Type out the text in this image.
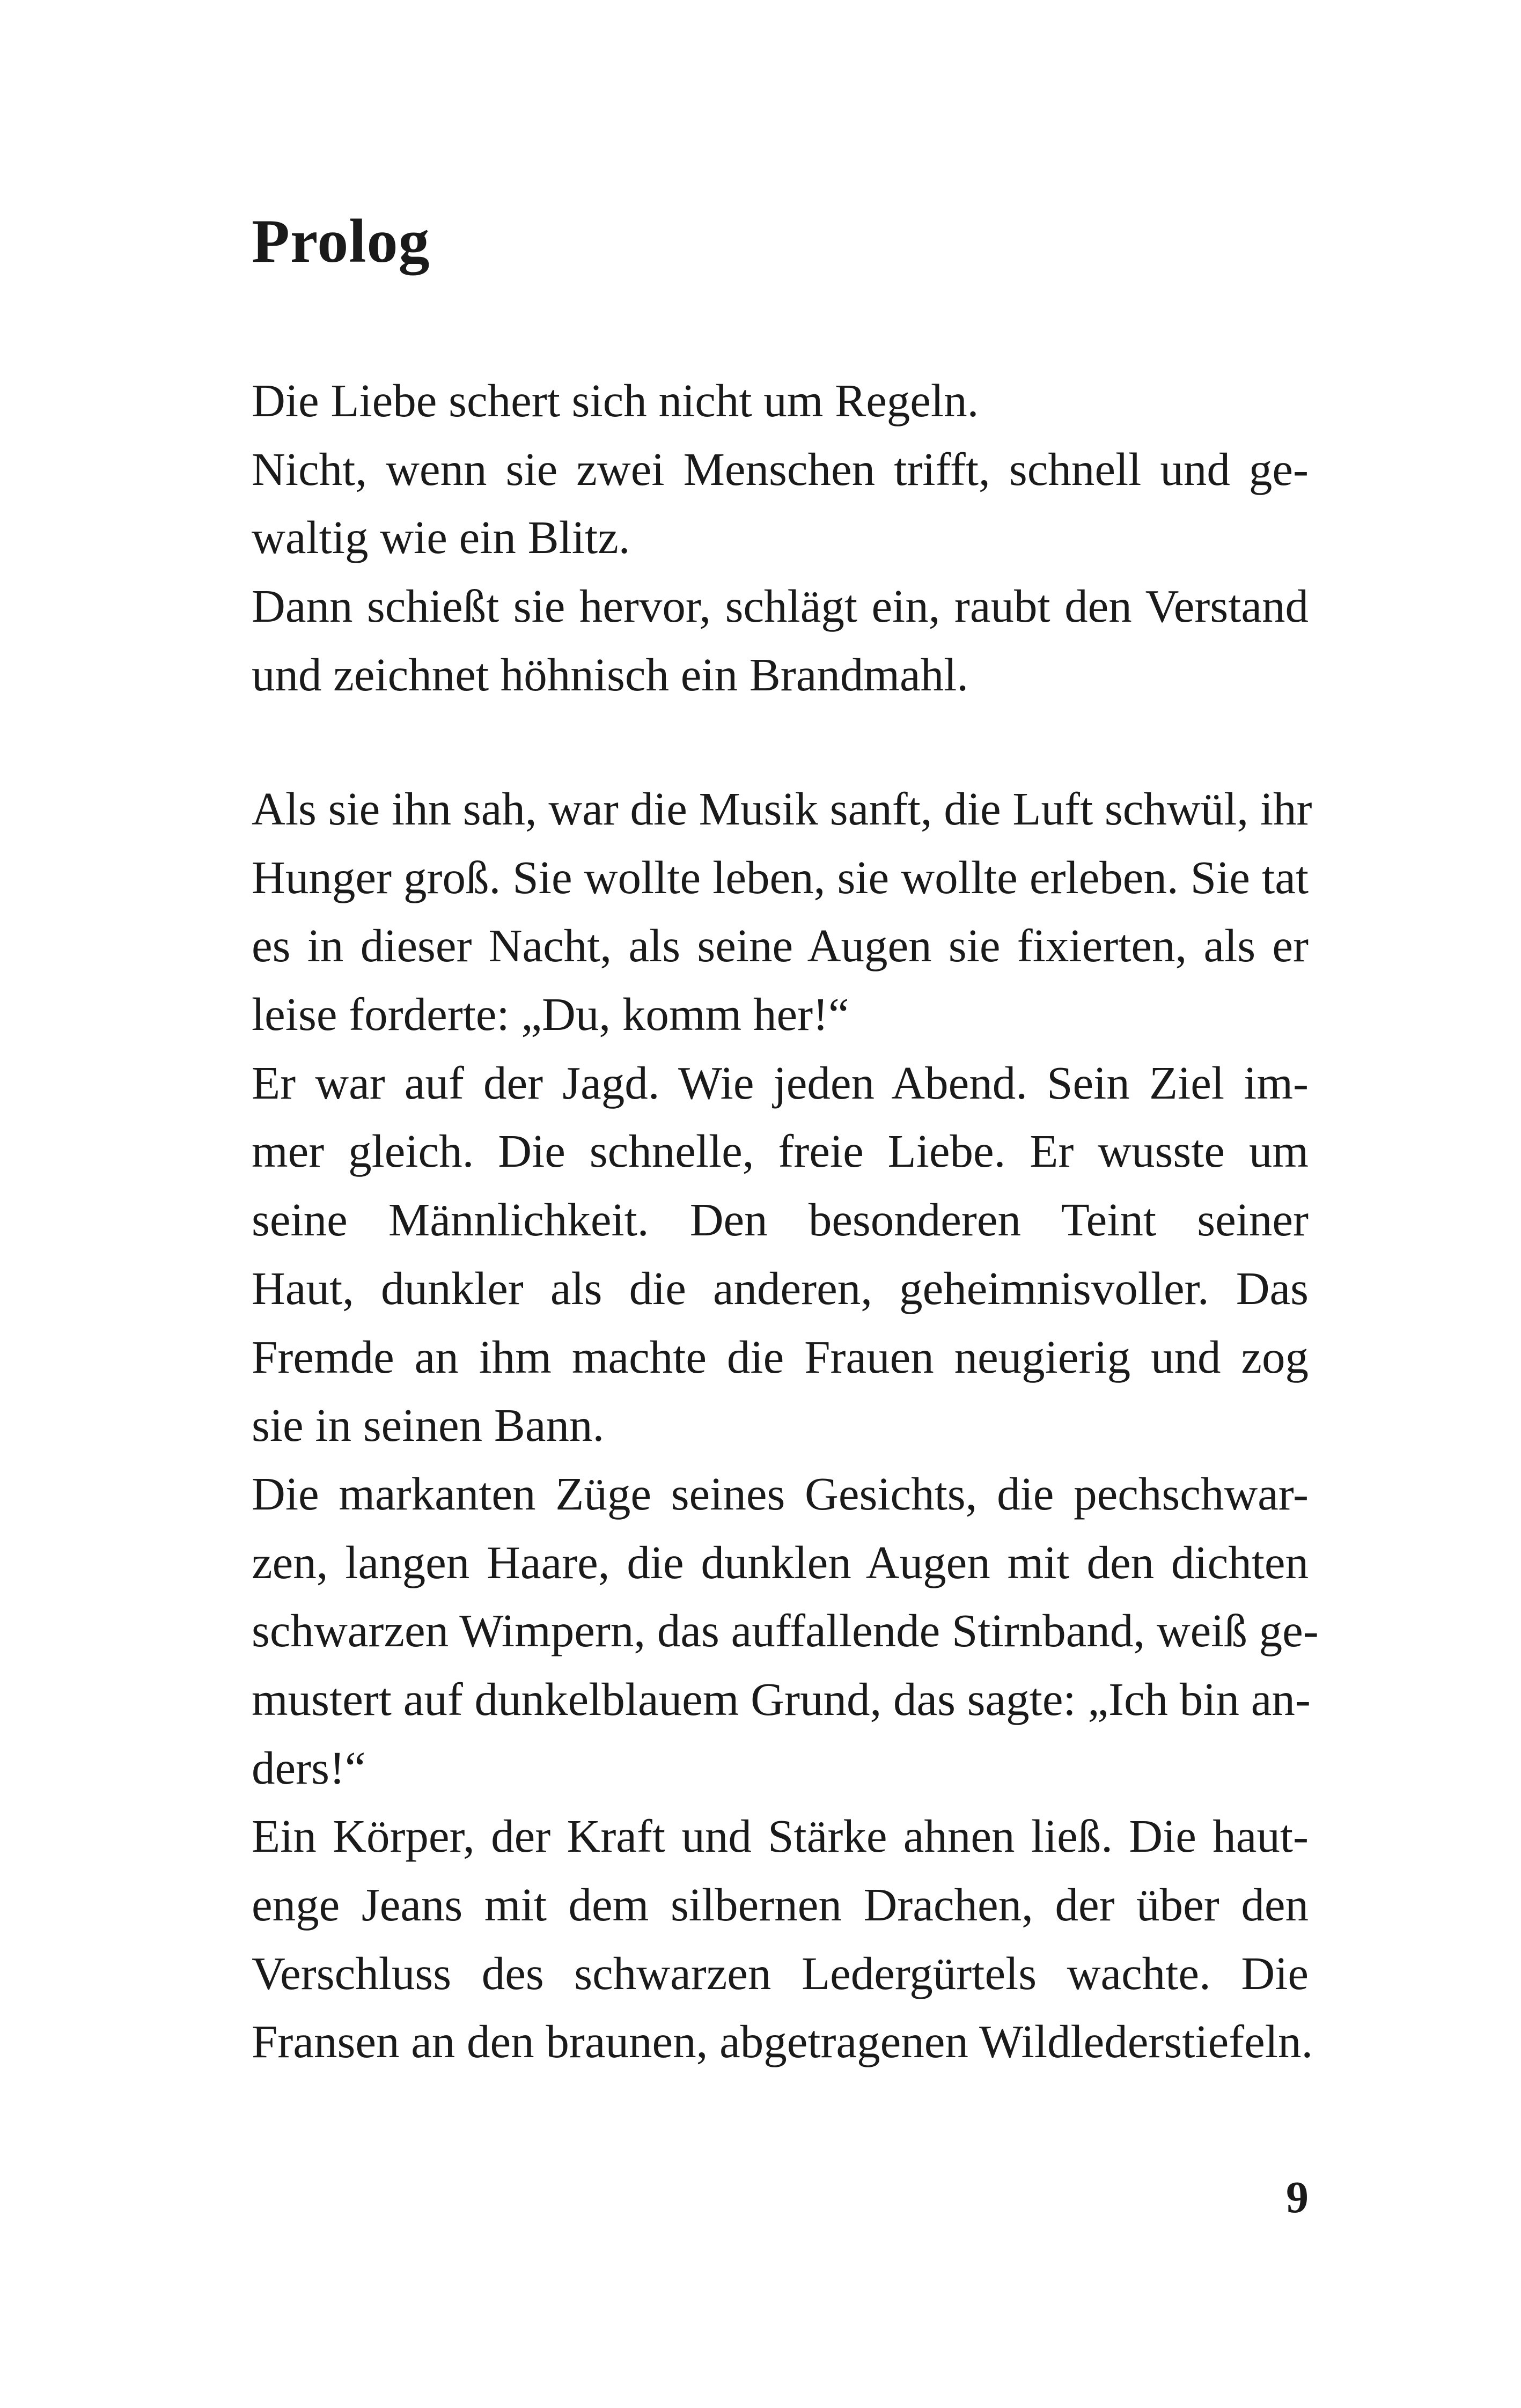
Prolog
Die Liebe schert sich nicht um Regeln.
Nicht, wenn sie zwei Menschen trifft, schnell und ge-
waltig wie ein Blitz.
Dann schießt sie hervor, schlägt ein, raubt den Verstand
und zeichnet höhnisch ein Brandmahl.
Als sie ihn sah, war die Musik sanft, die Luft schwül, ihr
Hunger groß. Sie wollte leben, sie wollte erleben. Sie tat
es in dieser Nacht, als seine Augen sie fixierten, als er
leise forderte: „Du, komm her!“
Er war auf der Jagd. Wie jeden Abend. Sein Ziel im-
mer gleich. Die schnelle, freie Liebe. Er wusste um
seine Männlichkeit. Den besonderen Teint seiner
Haut, dunkler als die anderen, geheimnisvoller. Das
Fremde an ihm machte die Frauen neugierig und zog
sie in seinen Bann.
Die markanten Züge seines Gesichts, die pechschwar-
zen, langen Haare, die dunklen Augen mit den dichten
schwarzen Wimpern, das auffallende Stirnband, weiß ge-
mustert auf dunkelblauem Grund, das sagte: „Ich bin an-
ders!“
Ein Körper, der Kraft und Stärke ahnen ließ. Die haut-
enge Jeans mit dem silbernen Drachen, der über den
Verschluss des schwarzen Ledergürtels wachte. Die
Fransen an den braunen, abgetragenen Wildlederstiefeln.
9
